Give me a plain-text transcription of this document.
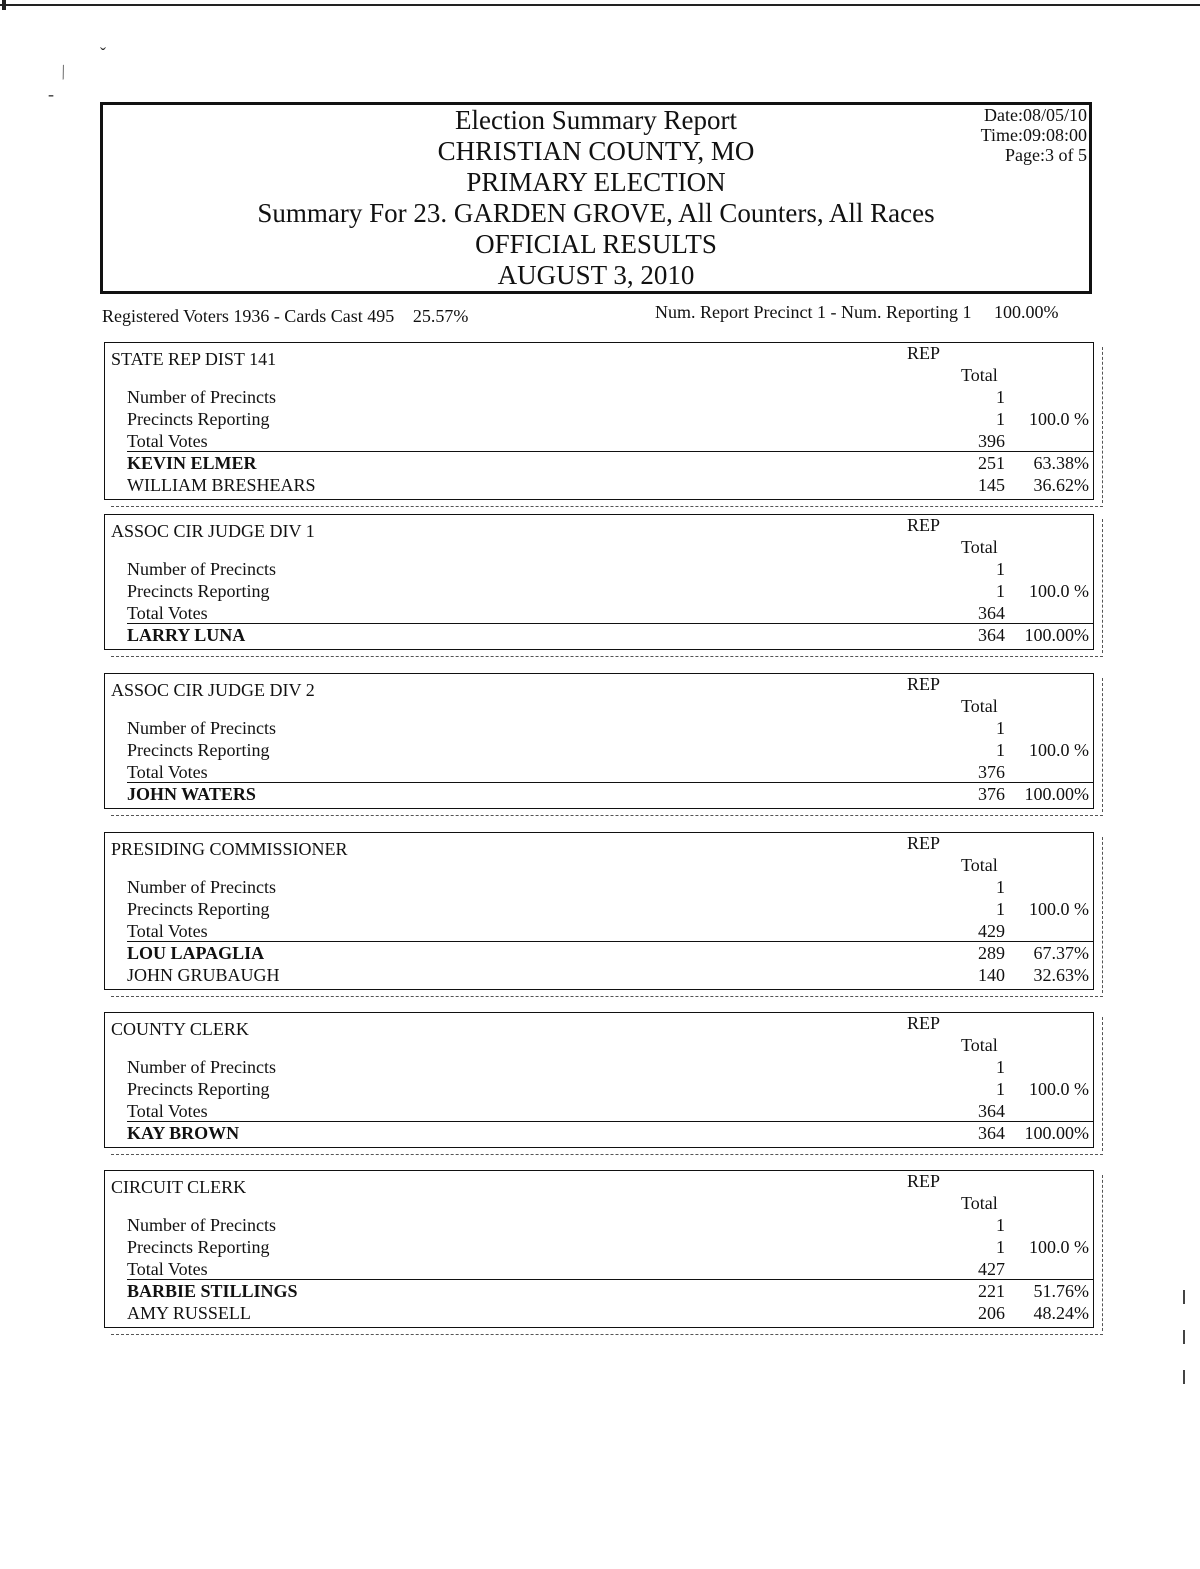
ˇ
⁄
-
Election Summary Report
CHRISTIAN COUNTY, MO
PRIMARY ELECTION
Summary For 23. GARDEN GROVE, All Counters, All Races
OFFICIAL RESULTS
AUGUST 3, 2010
Date:08/05/10
Time:09:08:00
Page:3 of 5
Registered Voters 1936 - Cards Cast 495 25.57%	Num. Report Precinct 1 - Num. Reporting 1 100.00%
STATE REP DIST 141	REP
Total
Number of Precincts	1
Precincts Reporting	1 100.0 %
Total Votes	396
KEVIN ELMER	251 63.38%
WILLIAM BRESHEARS	145 36.62%
ASSOC CIR JUDGE DIV 1	REP
Total
Number of Precincts	1
Precincts Reporting	1 100.0 %
Total Votes	364
LARRY LUNA	364 100.00%
ASSOC CIR JUDGE DIV 2	REP
Total
Number of Precincts	1
Precincts Reporting	1 100.0 %
Total Votes	376
JOHN WATERS	376 100.00%
PRESIDING COMMISSIONER	REP
Total
Number of Precincts	1
Precincts Reporting	1 100.0 %
Total Votes	429
LOU LAPAGLIA	289 67.37%
JOHN GRUBAUGH	140 32.63%
COUNTY CLERK	REP
Total
Number of Precincts	1
Precincts Reporting	1 100.0 %
Total Votes	364
KAY BROWN	364 100.00%
CIRCUIT CLERK	REP
Total
Number of Precincts	1
Precincts Reporting	1 100.0 %
Total Votes	427
BARBIE STILLINGS	221 51.76%
AMY RUSSELL	206 48.24%
